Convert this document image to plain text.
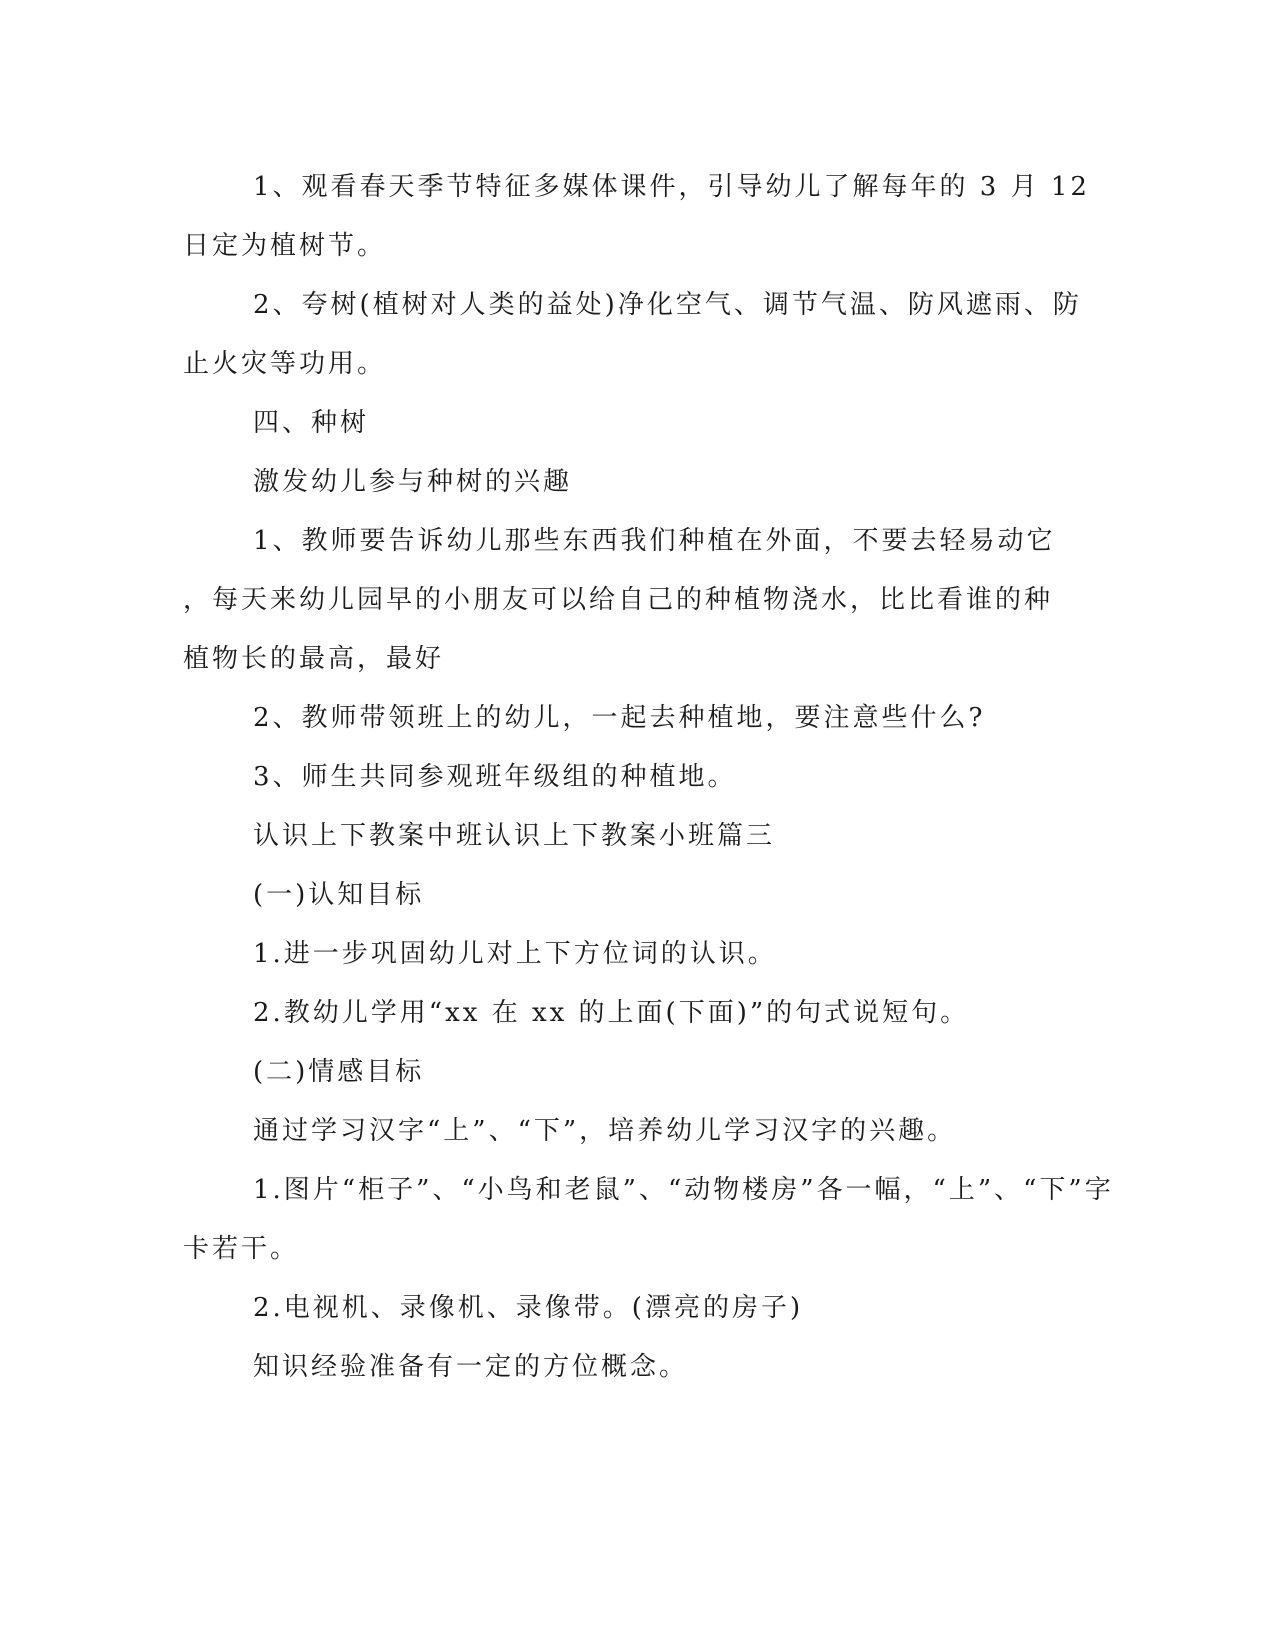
1、观看春天季节特征多媒体课件，引导幼儿了解每年的 3 月 12

日定为植树节。

2、夸树(植树对人类的益处)净化空气、调节气温、防风遮雨、防

止火灾等功用。

四、种树

激发幼儿参与种树的兴趣

1、教师要告诉幼儿那些东西我们种植在外面，不要去轻易动它

，每天来幼儿园早的小朋友可以给自己的种植物浇水，比比看谁的种

植物长的最高，最好

2、教师带领班上的幼儿，一起去种植地，要注意些什么?

3、师生共同参观班年级组的种植地。

认识上下教案中班认识上下教案小班篇三

(一)认知目标

1.进一步巩固幼儿对上下方位词的认识。

2.教幼儿学用“xx 在 xx 的上面(下面)”的句式说短句。

(二)情感目标

通过学习汉字“上”、“下”，培养幼儿学习汉字的兴趣。

1.图片“柜子”、“小鸟和老鼠”、“动物楼房”各一幅，“上”、“下”字

卡若干。

2.电视机、录像机、录像带。(漂亮的房子)

知识经验准备有一定的方位概念。
